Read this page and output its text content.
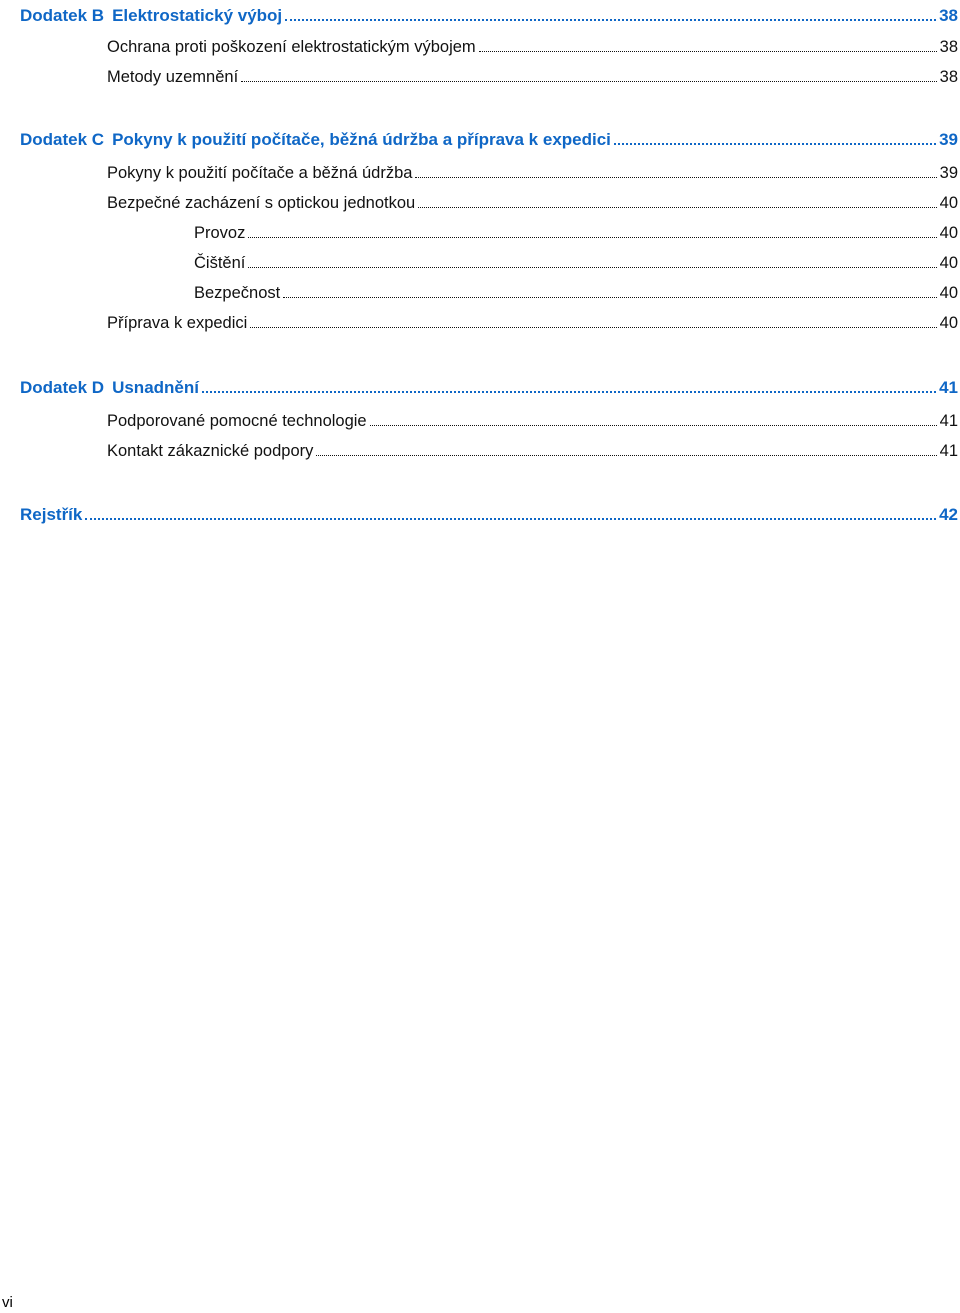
Dodatek B Elektrostatický výboj	38
Ochrana proti poškození elektrostatickým výbojem	38
Metody uzemnění	38
Dodatek C Pokyny k použití počítače, běžná údržba a příprava k expedici	39
Pokyny k použití počítače a běžná údržba	39
Bezpečné zacházení s optickou jednotkou	40
Provoz	40
Čištění	40
Bezpečnost	40
Příprava k expedici	40
Dodatek D Usnadnění	41
Podporované pomocné technologie	41
Kontakt zákaznické podpory	41
Rejstřík	42
vi
